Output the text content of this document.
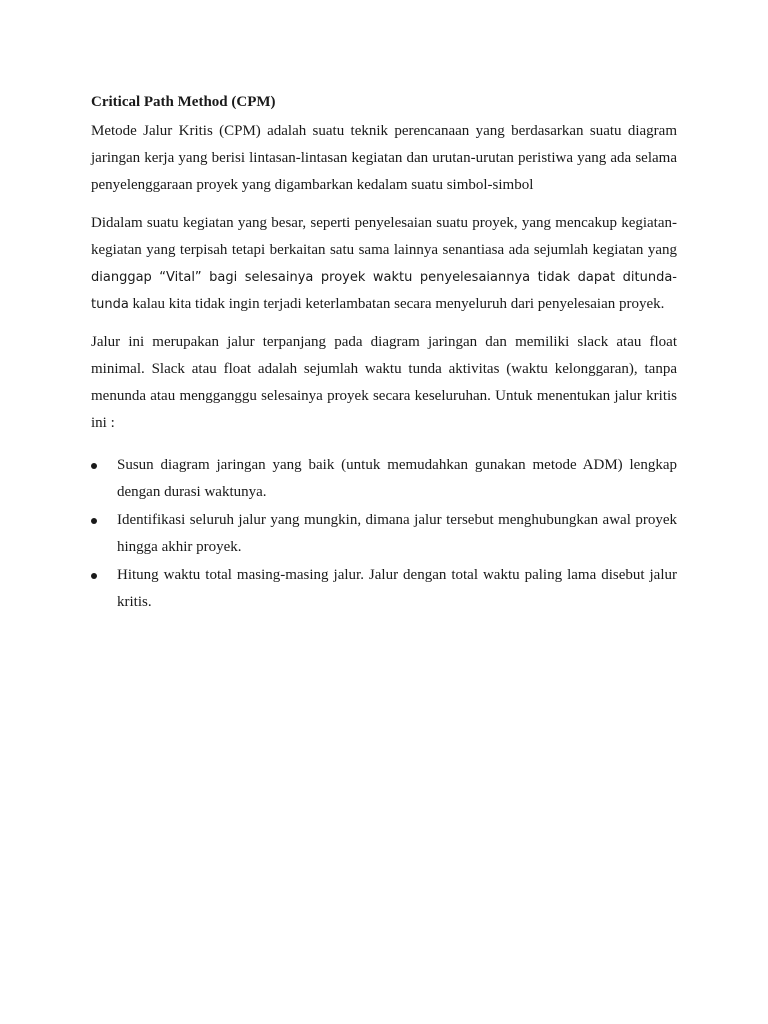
Critical Path Method (CPM)

Metode Jalur Kritis (CPM) adalah suatu teknik perencanaan yang berdasarkan suatu diagram jaringan kerja yang berisi lintasan-lintasan kegiatan dan urutan-urutan peristiwa yang ada selama penyelenggaraan proyek yang digambarkan kedalam suatu simbol-simbol

Didalam suatu kegiatan yang besar, seperti penyelesaian suatu proyek, yang mencakup kegiatan-kegiatan yang terpisah tetapi berkaitan satu sama lainnya senantiasa ada sejumlah kegiatan yang dianggap “Vital” bagi selesainya proyek waktu penyelesaiannya tidak dapat ditunda-tunda kalau kita tidak ingin terjadi keterlambatan secara menyeluruh dari penyelesaian proyek.

Jalur ini merupakan jalur terpanjang pada diagram jaringan dan memiliki slack atau float minimal. Slack atau float adalah sejumlah waktu tunda aktivitas (waktu kelonggaran), tanpa menunda atau mengganggu selesainya proyek secara keseluruhan. Untuk menentukan jalur kritis ini :

Susun diagram jaringan yang baik (untuk memudahkan gunakan metode ADM) lengkap dengan durasi waktunya.
Identifikasi seluruh jalur yang mungkin, dimana jalur tersebut menghubungkan awal proyek hingga akhir proyek.
Hitung waktu total masing-masing jalur. Jalur dengan total waktu paling lama disebut jalur kritis.
